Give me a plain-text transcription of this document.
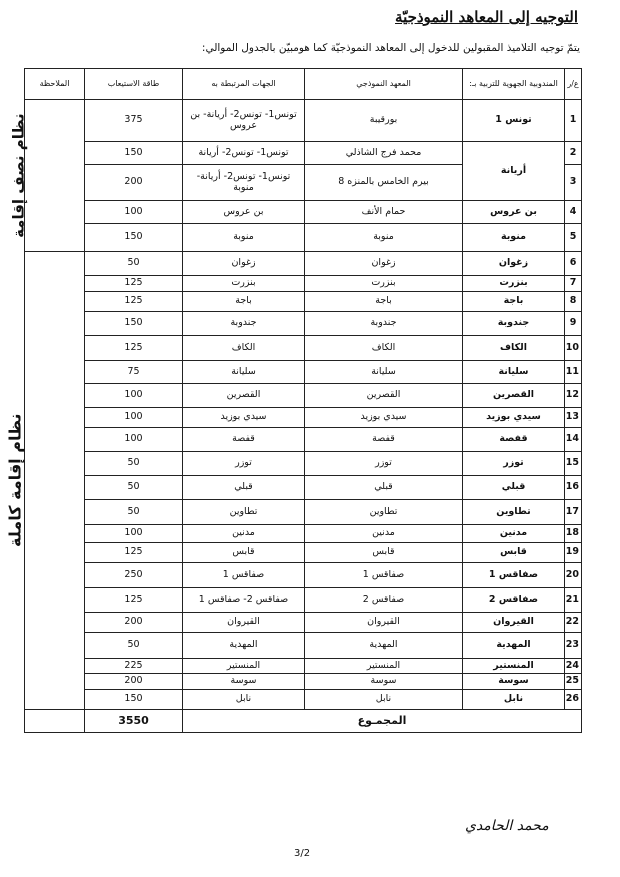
التوجيه إلى المعاهد النموذجيّة
يتمّ توجيه التلاميذ المقبولين للدخول إلى المعاهد النموذجيّة كما هومبيّن بالجدول الموالي:
ع/ر	المندوبية الجهوية للتربية بـ:	المعهد النموذجي	الجهات المرتبطة به	طاقة الاستيعاب	الملاحظة
1	تونس 1	بورقيبة	تونس1- تونس2- أريانة- بن عروس	375	نظام نصف إقامة
2	أريانة	محمد فرج الشاذلي	تونس1- تونس2- أريانة	150	
3		بيرم الخامس بالمنزه 8	تونس1- تونس2- أريانة- منوبة	200	
4	بن عروس	حمام الأنف	بن عروس	100	
5	منوبة	منوبة	منوبة	150	
6	زغوان	زغوان	زغوان	50	نظام إقامة كاملة
7	بنزرت	بنزرت	بنزرت	125	
8	باجة	باجة	باجة	125	
9	جندوبة	جندوبة	جندوبة	150	
10	الكاف	الكاف	الكاف	125	
11	سليانة	سليانة	سليانة	75	
12	القصرين	القصرين	القصرين	100	
13	سيدي بوزيد	سيدي بوزيد	سيدي بوزيد	100	
14	قفصة	قفصة	قفصة	100	
15	توزر	توزر	توزر	50	
16	قبلي	قبلي	قبلي	50	
17	تطاوين	تطاوين	تطاوين	50	
18	مدنين	مدنين	مدنين	100	
19	قابس	قابس	قابس	125	
20	صفاقس 1	صفاقس 1	صفاقس 1	250	
21	صفاقس 2	صفاقس 2	صفاقس 2- صفاقس 1	125	
22	القيروان	القيروان	القيروان	200	
23	المهدية	المهدية	المهدية	50	
24	المنستير	المنستير	المنستير	225	
25	سوسة	سوسة	سوسة	200	
26	نابل	نابل	نابل	150	
المجمـوع				3550	
محمد الحامدي
3/2
